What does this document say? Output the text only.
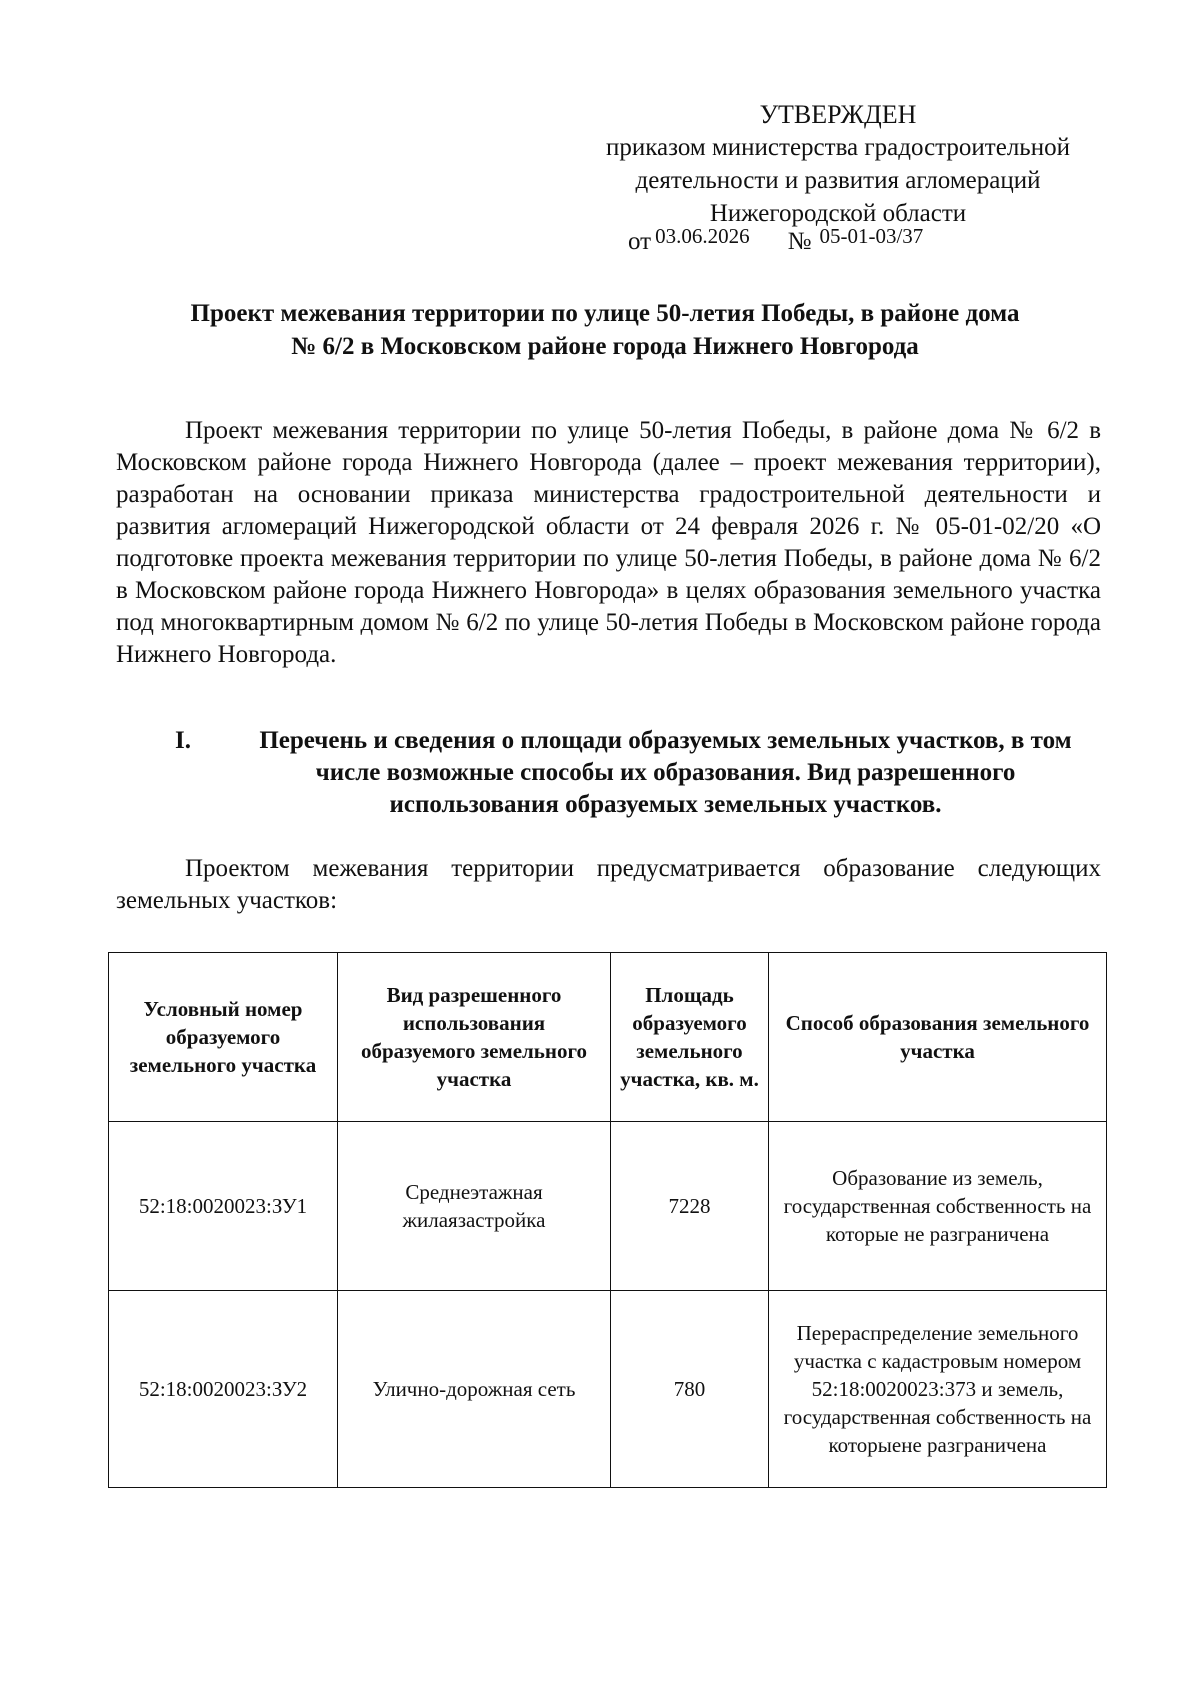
УТВЕРЖДЕН
приказом министерства градостроительной
деятельности и развития агломераций
Нижегородской области
от $^{03.06.2026}$ № $^{05-01-03/37}$
Проект межевания территории по улице 50-летия Победы, в районе дома
№ 6/2 в Московском районе города Нижнего Новгорода

Проект межевания территории по улице 50-летия Победы, в районе дома № 6/2 в Московском районе города Нижнего Новгорода (далее – проект межевания территории), разработан на основании приказа министерства градостроительной деятельности и развития агломераций Нижегородской области от 24 февраля 2026 г. № 05-01-02/20 «О подготовке проекта межевания территории по улице 50-летия Победы, в районе дома № 6/2 в Московском районе города Нижнего Новгорода» в целях образования земельного участка под многоквартирным домом № 6/2 по улице 50-летия Победы в Московском районе города Нижнего Новгорода.

I.	Перечень и сведения о площади образуемых земельных участков, в том числе возможные способы их образования. Вид разрешенного использования образуемых земельных участков.

Проектом межевания территории предусматривается образование следующих земельных участков:

Условный номер образуемого земельного участка	Вид разрешенного использования образуемого земельного участка	Площадь образуемого земельного участка, кв. м.	Способ образования земельного участка
52:18:0020023:ЗУ1	Среднеэтажная жилаязастройка	7228	Образование из земель, государственная собственность на которые не разграничена
52:18:0020023:ЗУ2	Улично-дорожная сеть	780	Перераспределение земельного участка с кадастровым номером 52:18:0020023:373 и земель, государственная собственность на которыене разграничена
